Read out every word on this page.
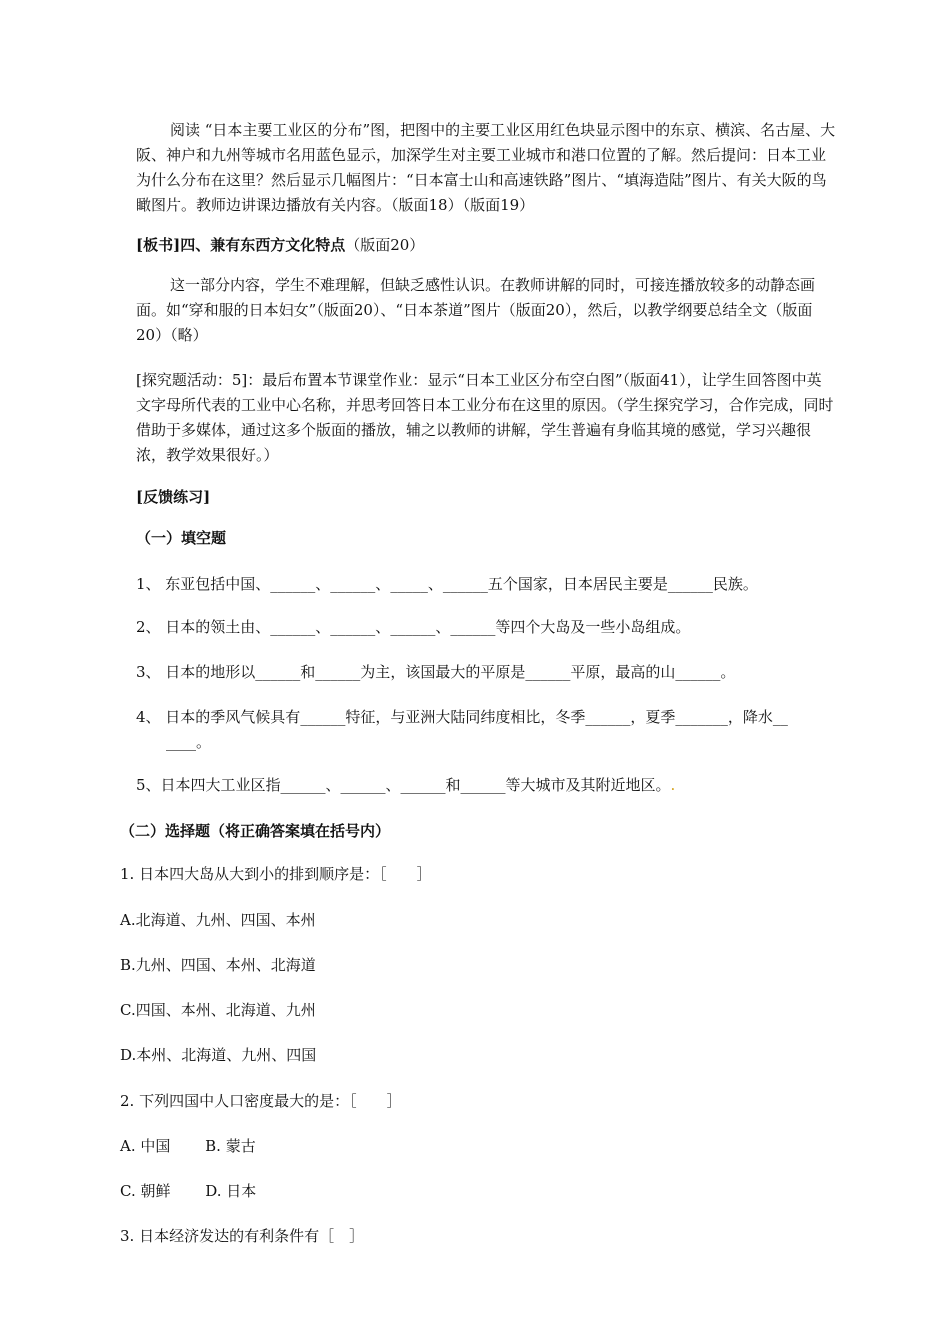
阅读 “日本主要工业区的分布”图，把图中的主要工业区用红色块显示图中的东京、横滨、名古屋、大阪、神户和九州等城市名用蓝色显示，加深学生对主要工业城市和港口位置的了解。然后提问：日本工业为什么分布在这里？然后显示几幅图片：“日本富士山和高速铁路”图片、“填海造陆”图片、有关大阪的鸟瞰图片。教师边讲课边播放有关内容。（版面18）（版面19）
[板书]四、兼有东西方文化特点（版面20）
这一部分内容，学生不难理解，但缺乏感性认识。在教师讲解的同时，可接连播放较多的动静态画面。如“穿和服的日本妇女”（版面20）、“日本茶道”图片（版面20），然后，以教学纲要总结全文（版面20）（略）
[探究题活动：5]：最后布置本节课堂作业：显示“日本工业区分布空白图”（版面41），让学生回答图中英文字母所代表的工业中心名称，并思考回答日本工业分布在这里的原因。（学生探究学习，合作完成，同时借助于多媒体，通过这多个版面的播放，辅之以教师的讲解，学生普遍有身临其境的感觉，学习兴趣很浓，教学效果很好。）
[反馈练习]
（一）填空题
1、 东亚包括中国、______、______、_____、______五个国家，日本居民主要是______民族。
2、 日本的领土由、______、______、______、______等四个大岛及一些小岛组成。
3、 日本的地形以______和______为主，该国最大的平原是______平原，最高的山______。
4、 日本的季风气候具有______特征，与亚洲大陆同纬度相比，冬季______，夏季_______，降水__
____。
5、日本四大工业区指______、______、______和______等大城市及其附近地区。.
（二）选择题（将正确答案填在括号内）
1. 日本四大岛从大到小的排到顺序是：［　　］
A.北海道、九州、四国、本州
B.九州、四国、本州、北海道
C.四国、本州、北海道、九州
D.本州、北海道、九州、四国
2. 下列四国中人口密度最大的是：［　　］
A. 中国　　 B. 蒙古
C. 朝鲜　　 D. 日本
3. 日本经济发达的有利条件有［　］
